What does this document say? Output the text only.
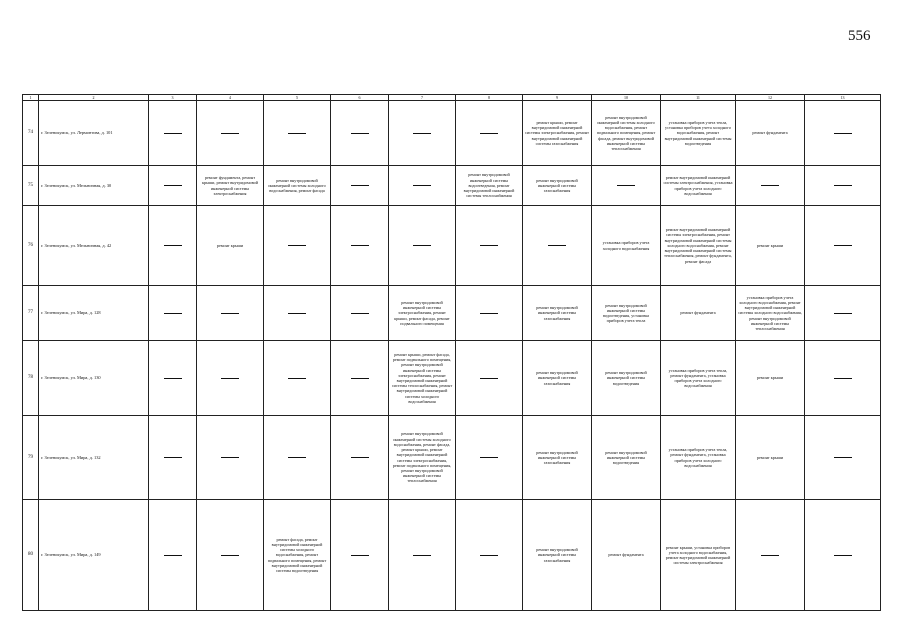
556
1	2	3	4	5	6	7	8	9	10	11	12	13
74	г. Зеленокумск, ул. Лермонтова, д. 101							ремонт крыши, ремонт внутридомовой инженерной системы электроснабжения, ремонт внутридомовой инженерной системы газоснабжения	ремонт внутридомовой инженерной системы холодного водоснабжения, ремонт подвального помещения, ремонт фасада, ремонт внутридомовой инженерной системы теплоснабжения	установка приборов учета тепла, установка приборов учета холодного водоснабжения, ремонт внутридомовой инженерной системы водоотведения	ремонт фундамента	
75	г. Зеленокумск, ул. Мельничная, д. 30		ремонт фундамента, ремонт крыши, ремонт внутридомовой инженерной системы электроснабжения	ремонт внутридомовой инженерной системы холодного водоснабжения, ремонт фасада			ремонт внутридомовой инженерной системы водоотведения, ремонт внутридомовой инженерной системы теплоснабжения	ремонт внутридомовой инженерной системы газоснабжения		ремонт внутридомовой инженерной системы электроснабжения, установка приборов учета холодного водоснабжения		
76	г. Зеленокумск, ул. Мельничная, д. 42		ремонт крыши						установка приборов учета холодного водоснабжения	ремонт внутридомовой инженерной системы электроснабжения, ремонт внутридомовой инженерной системы холодного водоснабжения, ремонт внутридомовой инженерной системы теплоснабжения, ремонт фундамента, ремонт фасада	ремонт крыши	
77	г. Зеленокумск, ул. Мира, д. 128					ремонт внутридомовой инженерной системы электроснабжения, ремонт крыши, ремонт фасада, ремонт подвального помещения		ремонт внутридомовой инженерной системы газоснабжения	ремонт внутридомовой инженерной системы водоотведения, установка приборов учета тепла	ремонт фундамента	установка приборов учета холодного водоснабжения, ремонт внутридомовой инженерной системы холодного водоснабжения, ремонт внутридомовой инженерной системы теплоснабжения	
78	г. Зеленокумск, ул. Мира, д. 130					ремонт крыши, ремонт фасада, ремонт подвального помещения, ремонт внутридомовой инженерной системы электроснабжения, ремонт внутридомовой инженерной системы теплоснабжения, ремонт внутридомовой инженерной системы холодного водоснабжения		ремонт внутридомовой инженерной системы газоснабжения	ремонт внутридомовой инженерной системы водоотведения	установка приборов учета тепла, ремонт фундамента, установка приборов учета холодного водоснабжения	ремонт крыши	
79	г. Зеленокумск, ул. Мира, д. 132					ремонт внутридомовой инженерной системы холодного водоснабжения, ремонт фасада, ремонт крыши, ремонт внутридомовой инженерной системы электроснабжения, ремонт подвального помещения, ремонт внутридомовой инженерной системы теплоснабжения		ремонт внутридомовой инженерной системы газоснабжения	ремонт внутридомовой инженерной системы водоотведения	установка приборов учета тепла, ремонт фундамента, установка приборов учета холодного водоснабжения	ремонт крыши	
80	г. Зеленокумск, ул. Мира, д. 149			ремонт фасада, ремонт внутридомовой инженерной системы холодного водоснабжения, ремонт подвального помещения, ремонт внутридомовой инженерной системы водоотведения				ремонт внутридомовой инженерной системы газоснабжения	ремонт фундамента	ремонт крыши, установка приборов учета холодного водоснабжения, ремонт внутридомовой инженерной системы электроснабжения		
